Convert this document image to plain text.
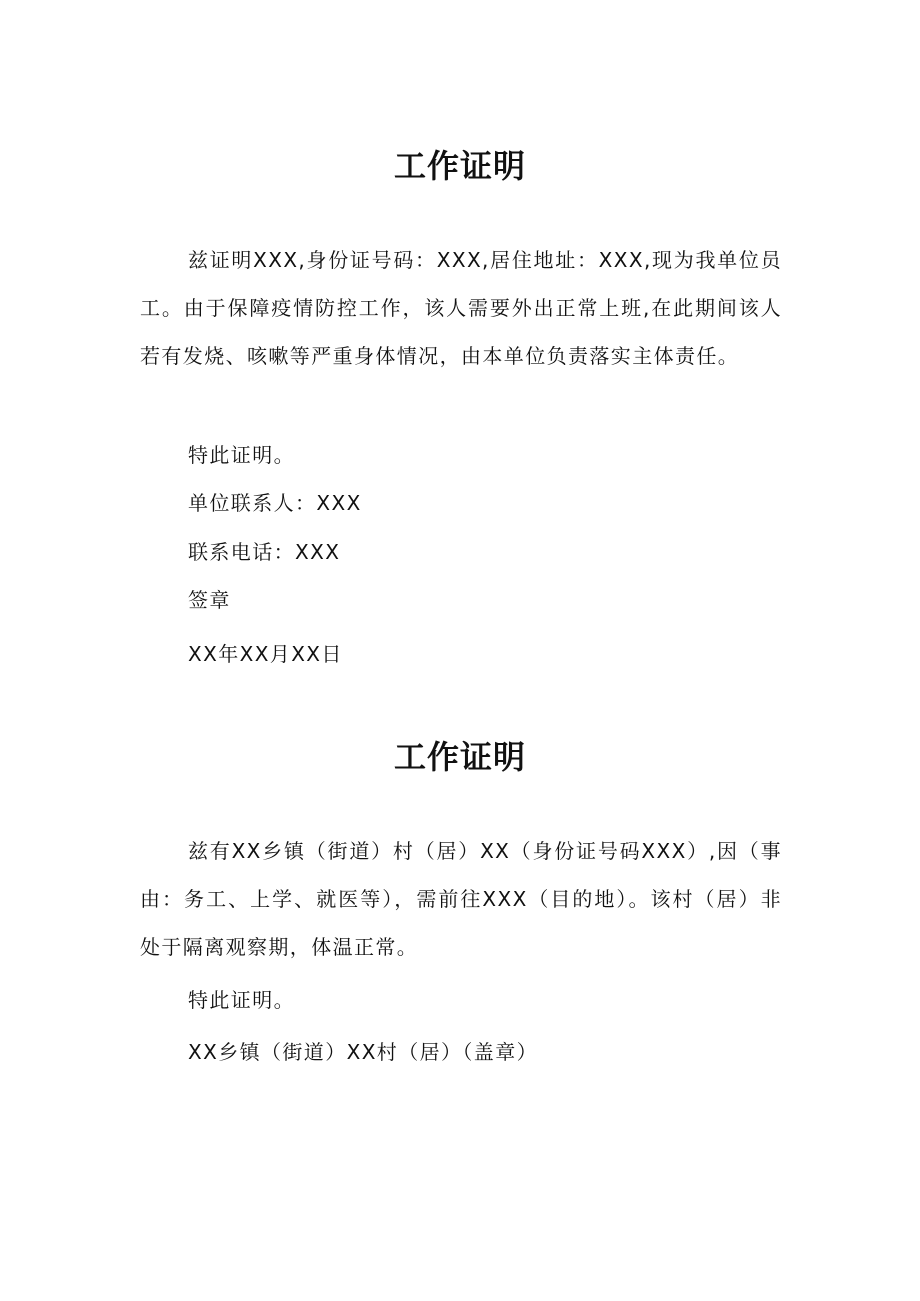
工作证明

兹证明XXX,身份证号码：XXX,居住地址：XXX,现为我单位员工。由于保障疫情防控工作，该人需要外出正常上班,在此期间该人若有发烧、咳嗽等严重身体情况，由本单位负责落实主体责任。

特此证明。
单位联系人：XXX
联系电话：XXX
签章
XX年XX月XX日
工作证明

兹有XX乡镇（街道）村（居）XX（身份证号码XXX）,因（事由：务工、上学、就医等），需前往XXX（目的地）。该村（居）非处于隔离观察期，体温正常。

特此证明。
XX乡镇（街道）XX村（居）（盖章）
